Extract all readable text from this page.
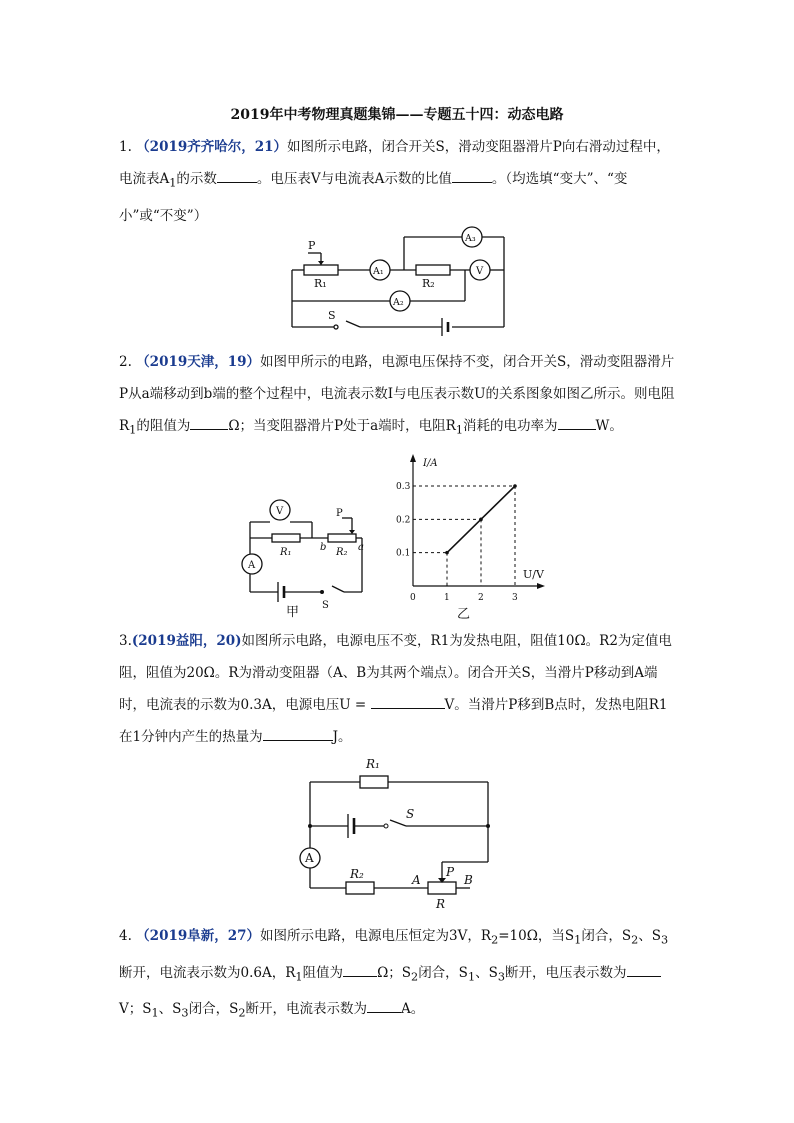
2019年中考物理真题集锦——专题五十四：动态电路
1. （2019齐齐哈尔，21）如图所示电路，闭合开关S，滑动变阻器滑片P向右滑动过程中，电流表$A_1$的示数	。电压表V与电流表A示数的比值	。（均选填“变大”、“变小”或“不变”）
P
R₁	R₂
A₁
A₂
A₃
V
S
2. （2019天津，19）如图甲所示的电路，电源电压保持不变，闭合开关S，滑动变阻器滑片P从a端移动到b端的整个过程中，电流表示数I与电压表示数U的关系图象如图乙所示。则电阻$R_1$的阻值为	Ω；当变阻器滑片P处于a端时，电阻$R_1$消耗的电功率为	W。
V
A
R₁	R₂
P
a
b
S
甲
I/A
U/V
0	1	2	3
0.1
0.2
0.3
乙
3.(2019益阳，20)如图所示电路，电源电压不变，R1为发热电阻，阻值10Ω。R2为定值电阻，阻值为20Ω。R为滑动变阻器（A、B为其两个端点）。闭合开关S，当滑片P移动到A端时，电流表的示数为0.3A，电源电压U =	V。当滑片P移到B点时，发热电阻R1在1分钟内产生的热量为	J。
R₁
R₂
S
A	B
P
R
A
4. （2019阜新，27）如图所示电路，电源电压恒定为3V，$R_2=10\Omega$，当$S_1$闭合，$S_2$、$S_3$断开，电流表示数为0.6A，$R_1$阻值为	Ω；$S_2$闭合，$S_1$、$S_3$断开，电压表示数为V；$S_1$、$S_3$闭合，$S_2$断开，电流表示数为	A。
